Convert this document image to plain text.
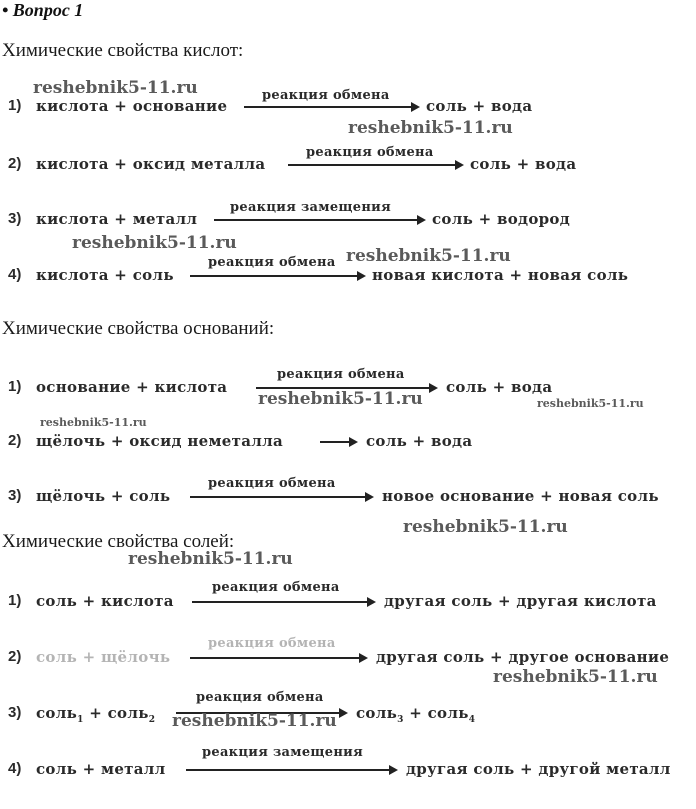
• Вопрос 1
Химические свойства кислот:
reshebnik5-11.ru
1) кислота + основание
реакция обмена
соль + вода
reshebnik5-11.ru
2) кислота + оксид металла
реакция обмена
соль + вода
3) кислота + металл
реакция замещения
соль + водород
reshebnik5-11.ru
reshebnik5-11.ru
4) кислота + соль
реакция обмена
новая кислота + новая соль
Химические свойства оснований:
1) основание + кислота
реакция обмена
соль + вода
reshebnik5-11.ru	reshebnik5-11.ru
reshebnik5-11.ru
2) щёлочь + оксид неметалла	соль + вода
3) щёлочь + соль
реакция обмена
новое основание + новая соль
reshebnik5-11.ru
Химические свойства солей:
reshebnik5-11.ru
1) соль + кислота
реакция обмена
другая соль + другая кислота
2) соль + щёлочь
реакция обмена
другая соль + другое основание
reshebnik5-11.ru
3) соль$_1$ + соль$_2$
реакция обмена
соль$_3$ + соль$_4$
reshebnik5-11.ru
4) соль + металл
реакция замещения
другая соль + другой металл
